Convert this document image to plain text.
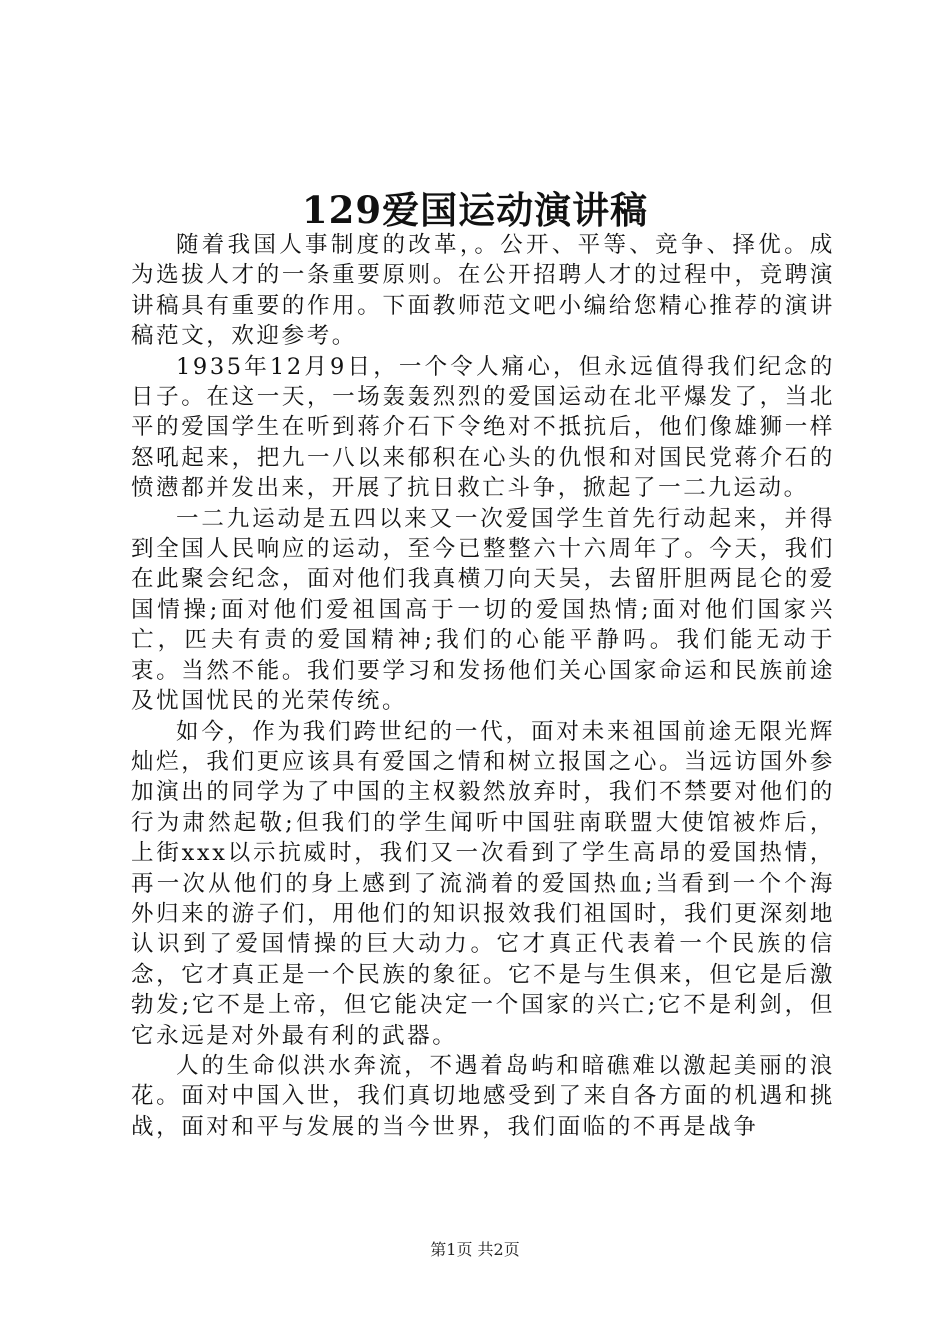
129爱国运动演讲稿

随着我国人事制度的改革，。公开、平等、竞争、择优。成为选拔人才的一条重要原则。在公开招聘人才的过程中，竞聘演讲稿具有重要的作用。下面教师范文吧小编给您精心推荐的演讲稿范文，欢迎参考。

1935年12月9日，一个令人痛心，但永远值得我们纪念的日子。在这一天，一场轰轰烈烈的爱国运动在北平爆发了，当北平的爱国学生在听到蒋介石下令绝对不抵抗后，他们像雄狮一样怒吼起来，把九一八以来郁积在心头的仇恨和对国民党蒋介石的愤懑都并发出来，开展了抗日救亡斗争，掀起了一二九运动。

一二九运动是五四以来又一次爱国学生首先行动起来，并得到全国人民响应的运动，至今已整整六十六周年了。今天，我们在此聚会纪念，面对他们我真横刀向天吴，去留肝胆两昆仑的爱国情操;面对他们爱祖国高于一切的爱国热情;面对他们国家兴亡，匹夫有责的爱国精神;我们的心能平静吗。我们能无动于衷。当然不能。我们要学习和发扬他们关心国家命运和民族前途及忧国忧民的光荣传统。

如今，作为我们跨世纪的一代，面对未来祖国前途无限光辉灿烂，我们更应该具有爱国之情和树立报国之心。当远访国外参加演出的同学为了中国的主权毅然放弃时，我们不禁要对他们的行为肃然起敬;但我们的学生闻听中国驻南联盟大使馆被炸后，上街xxx以示抗威时，我们又一次看到了学生高昂的爱国热情，再一次从他们的身上感到了流淌着的爱国热血;当看到一个个海外归来的游子们，用他们的知识报效我们祖国时，我们更深刻地认识到了爱国情操的巨大动力。它才真正代表着一个民族的信念，它才真正是一个民族的象征。它不是与生俱来，但它是后激勃发;它不是上帝，但它能决定一个国家的兴亡;它不是利剑，但它永远是对外最有利的武器。

人的生命似洪水奔流，不遇着岛屿和暗礁难以激起美丽的浪花。面对中国入世，我们真切地感受到了来自各方面的机遇和挑战，面对和平与发展的当今世界，我们面临的不再是战争

第1页 共2页
